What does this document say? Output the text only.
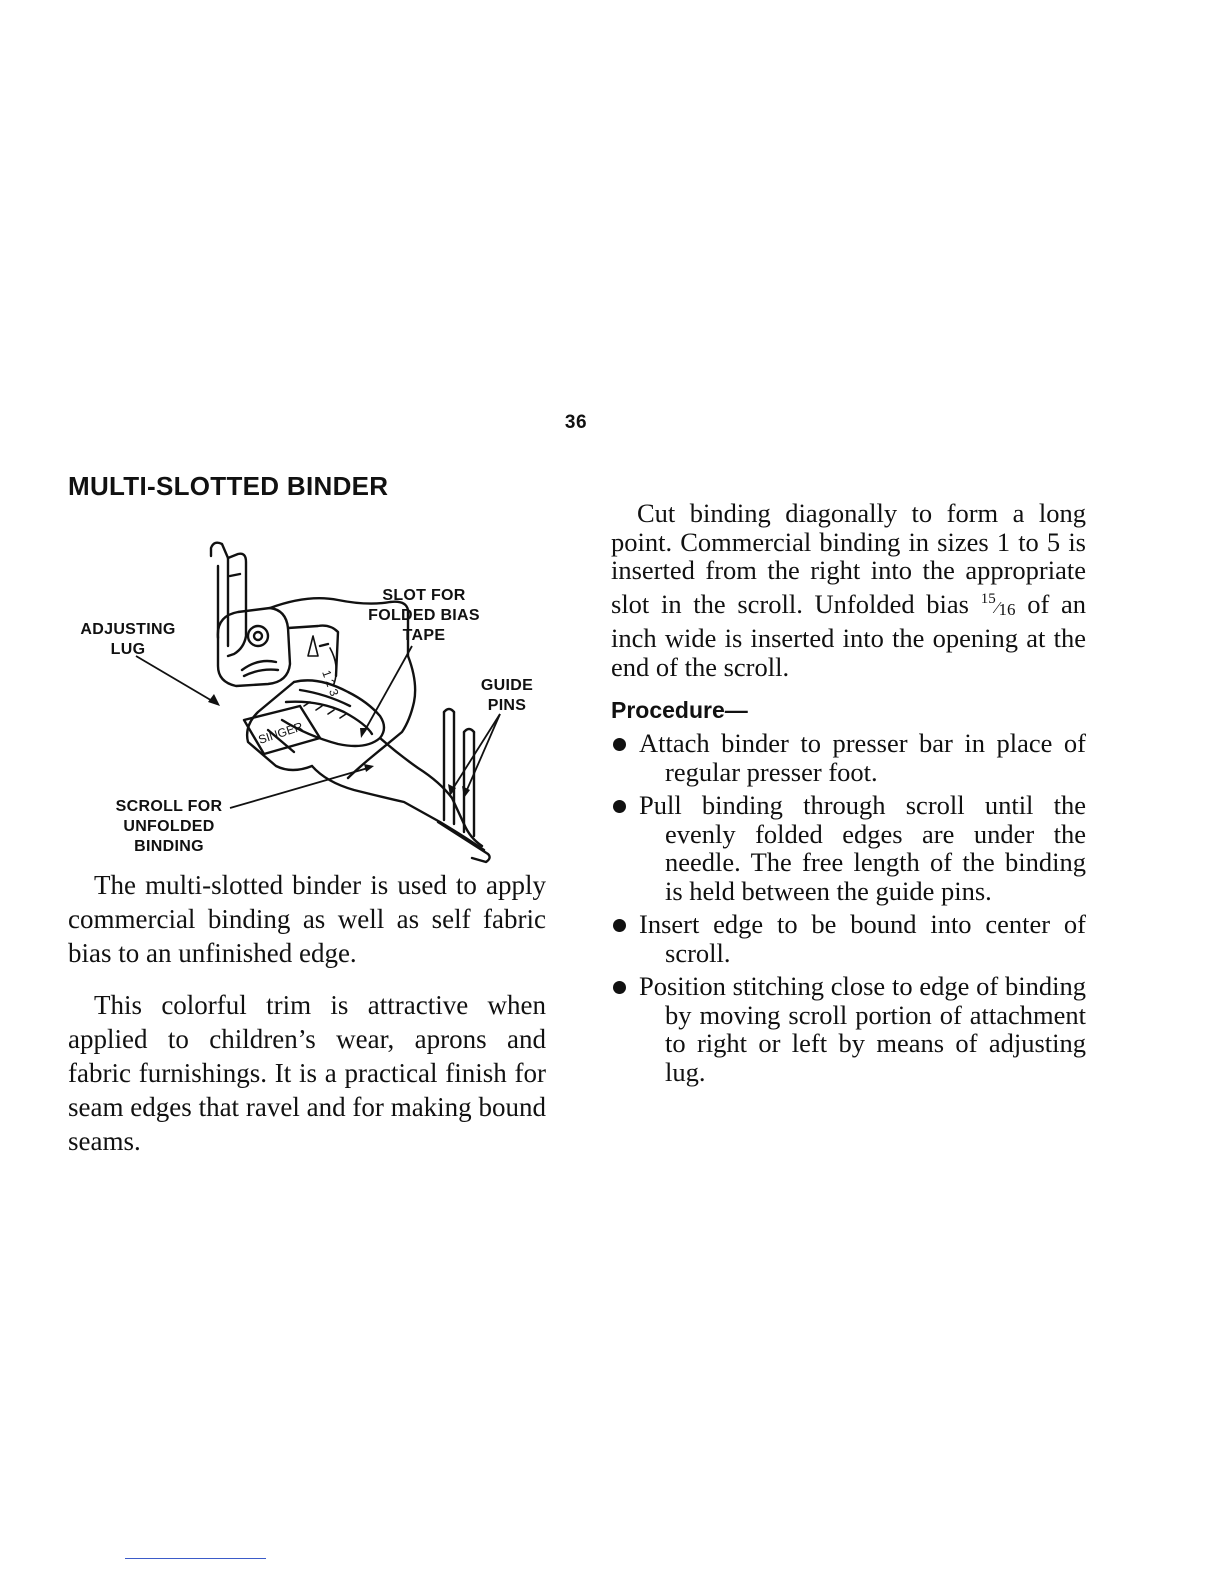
36
MULTI-SLOTTED BINDER
1 2 3
SINGER
SLOT FOR
FOLDED BIAS
TAPE
ADJUSTING
LUG
GUIDE
PINS
SCROLL FOR
UNFOLDED
BINDING

The multi-slotted binder is used to apply commercial binding as well as self fabric bias to an unfinished edge.

This colorful trim is attractive when applied to children’s wear, aprons and fabric furnishings. It is a practical finish for seam edges that ravel and for making bound seams.

Cut binding diagonally to form a long point. Commercial binding in sizes 1 to 5 is inserted from the right into the appropriate slot in the scroll. Unfolded bias $^{15}⁄_{16}$ of an inch wide is inserted into the opening at the end of the scroll.

Procedure—
Attach binder to presser bar in place of regular presser foot.
Pull binding through scroll until the evenly folded edges are under the needle. The free length of the binding is held between the guide pins.
Insert edge to be bound into center of scroll.
Position stitching close to edge of binding by moving scroll portion of attachment to right or left by means of adjusting lug.
